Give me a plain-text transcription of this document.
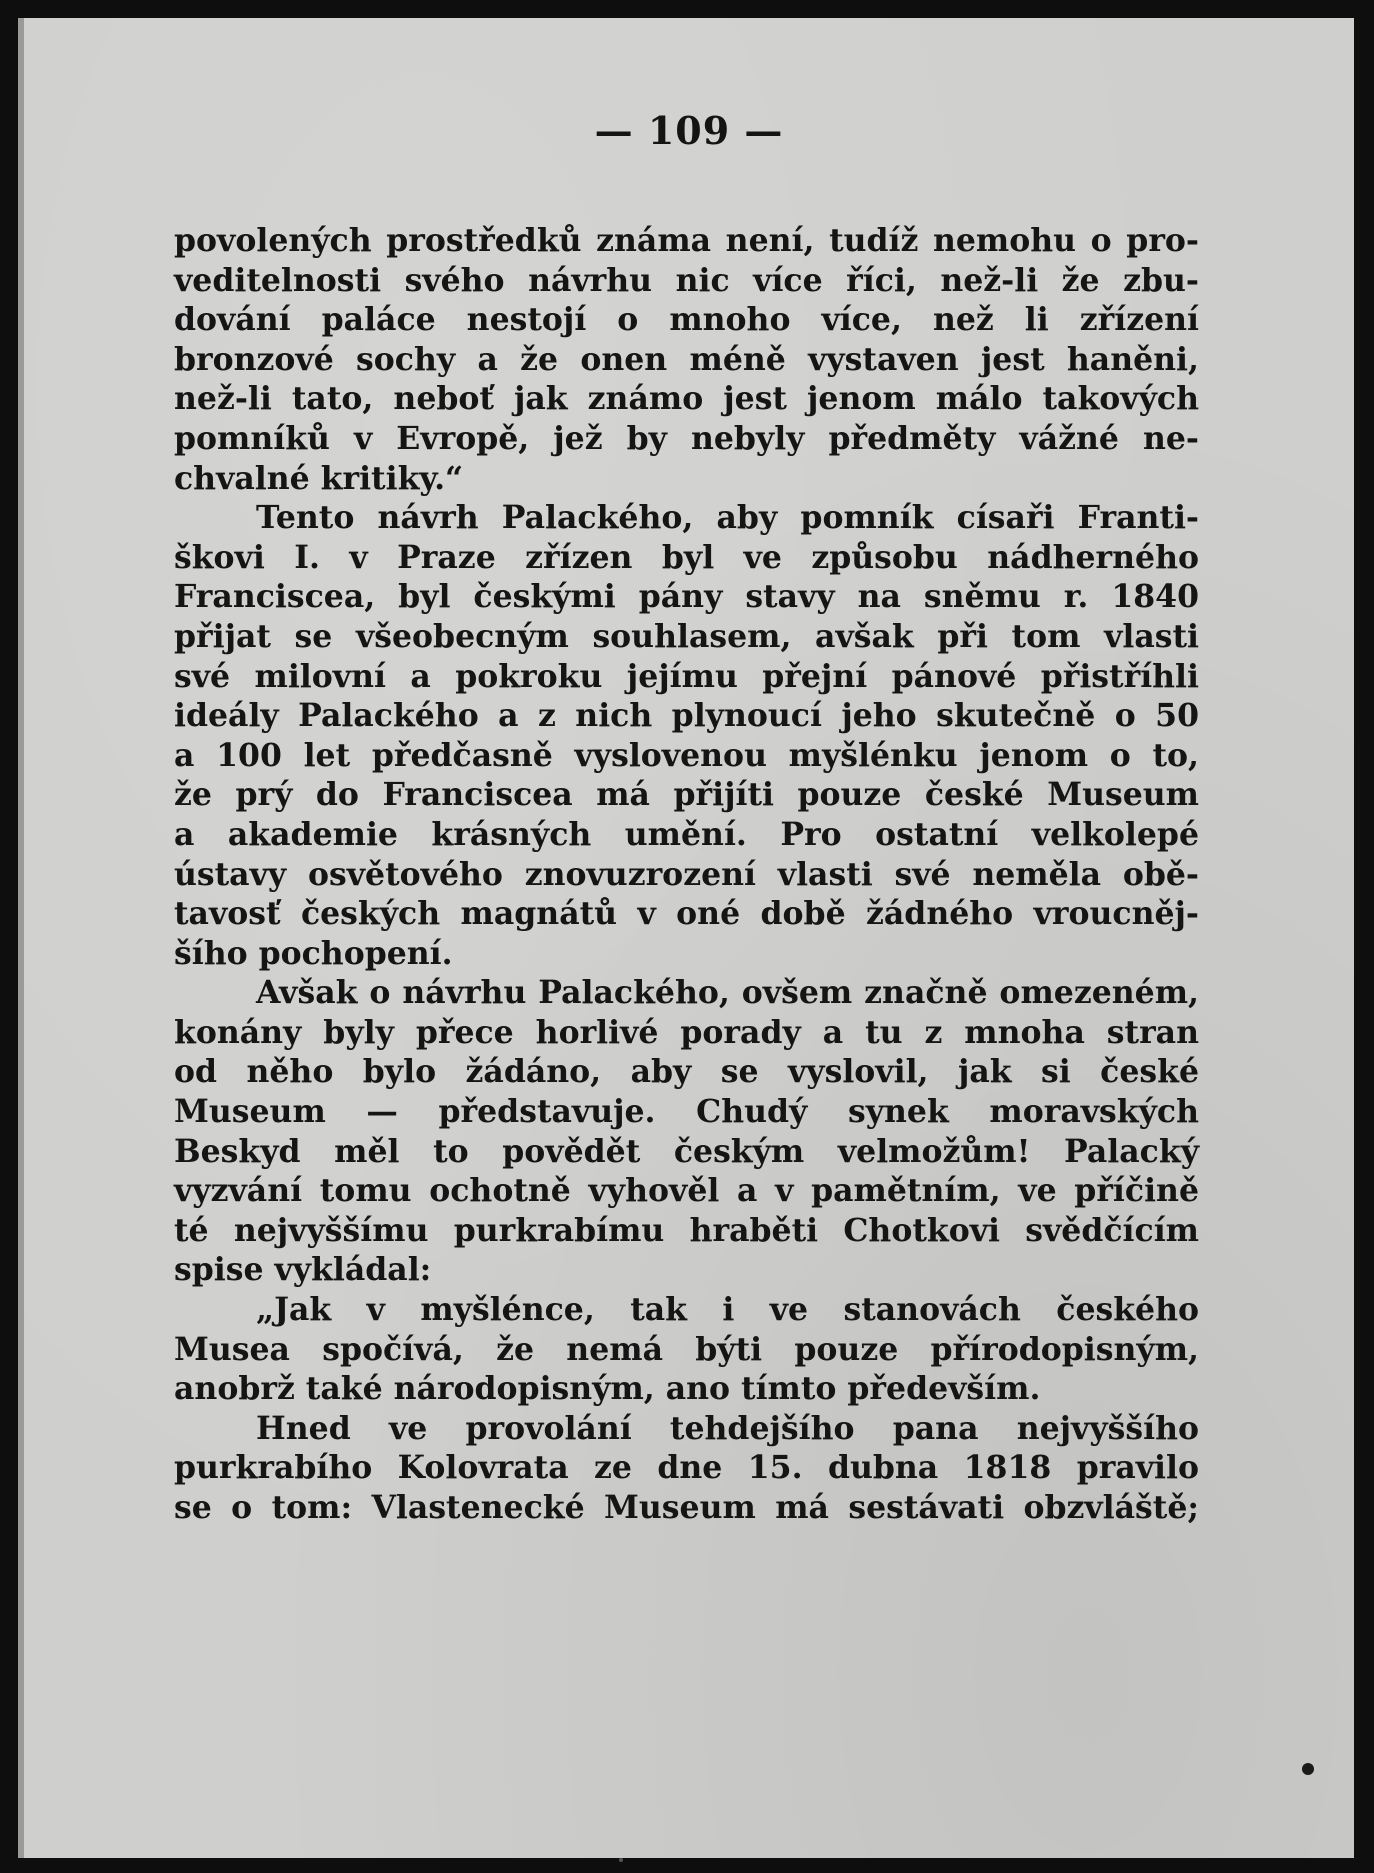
— 109 —
povolených prostředků známa není, tudíž nemohu o pro-
veditelnosti svého návrhu nic více říci, než-li že zbu-
dování paláce nestojí o mnoho více, než li zřízení
bronzové sochy a že onen méně vystaven jest haněni,
než-li tato, neboť jak známo jest jenom málo takových
pomníků v Evropě, jež by nebyly předměty vážné ne-
chvalné kritiky.“
Tento návrh Palackého, aby pomník císaři Franti-
škovi I. v Praze zřízen byl ve způsobu nádherného
Franciscea, byl českými pány stavy na sněmu r. 1840
přijat se všeobecným souhlasem, avšak při tom vlasti
své milovní a pokroku jejímu přejní pánové přistříhli
ideály Palackého a z nich plynoucí jeho skutečně o 50
a 100 let předčasně vyslovenou myšlénku jenom o to,
že prý do Franciscea má přijíti pouze české Museum
a akademie krásných umění. Pro ostatní velkolepé
ústavy osvětového znovuzrození vlasti své neměla obě-
tavosť českých magnátů v oné době žádného vroucněj-
šího pochopení.
Avšak o návrhu Palackého, ovšem značně omezeném,
konány byly přece horlivé porady a tu z mnoha stran
od něho bylo žádáno, aby se vyslovil, jak si české
Museum — představuje. Chudý synek moravských
Beskyd měl to povědět českým velmožům! Palacký
vyzvání tomu ochotně vyhověl a v pamětním, ve příčině
té nejvyššímu purkrabímu hraběti Chotkovi svědčícím
spise vykládal:
„Jak v myšlénce, tak i ve stanovách českého
Musea spočívá, že nemá býti pouze přírodopisným,
anobrž také národopisným, ano tímto především.
Hned ve provolání tehdejšího pana nejvyššího
purkrabího Kolovrata ze dne 15. dubna 1818 pravilo
se o tom: Vlastenecké Museum má sestávati obzvláště;
